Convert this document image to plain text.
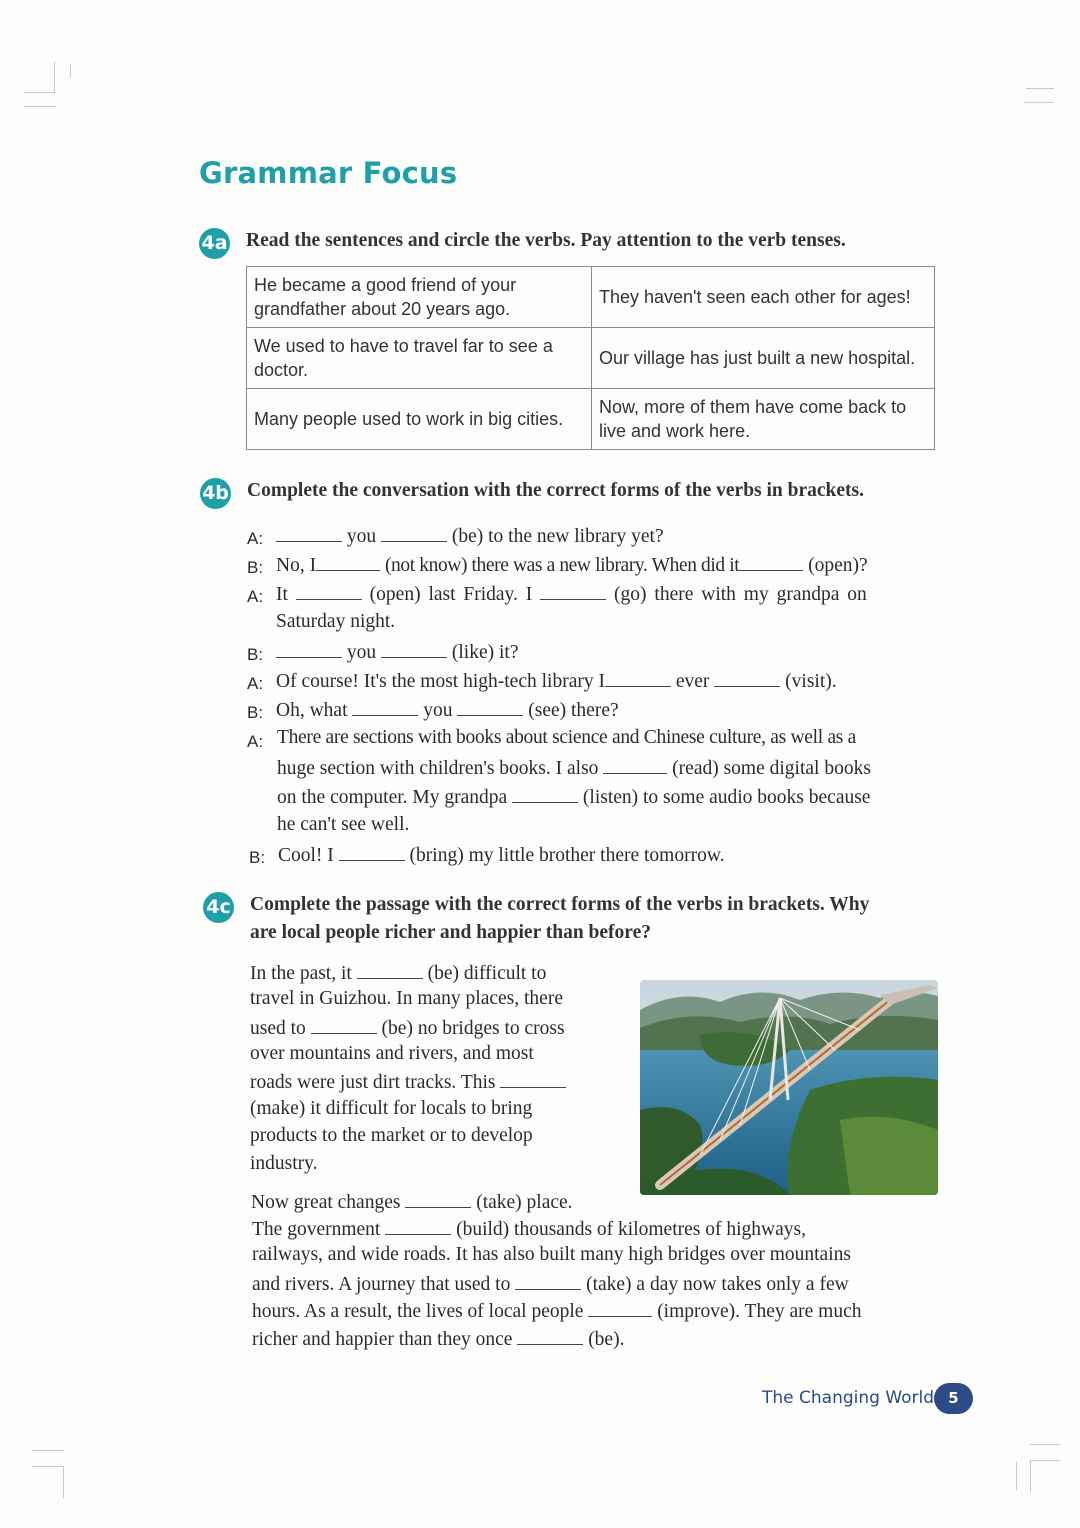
Grammar Focus
4a Read the sentences and circle the verbs. Pay attention to the verb tenses.

He became a good friend of your grandfather about 20 years ago.	They haven't seen each other for ages!
We used to have to travel far to see a doctor.	Our village has just built a new hospital.
Many people used to work in big cities.	Now, more of them have come back to live and work here.
4b Complete the conversation with the correct forms of the verbs in brackets.

A:	you	(be) to the new library yet?
B: No, I	(not know) there was a new library. When did it	(open)?
A: It	(open) last Friday. I	(go) there with my grandpa on
Saturday night.
B:	you	(like) it?
A: Of course! It's the most high-tech library I	ever	(visit).
B: Oh, what	you	(see) there?
A: There are sections with books about science and Chinese culture, as well as a
huge section with children's books. I also	(read) some digital books
on the computer. My grandpa	(listen) to some audio books because
he can't see well.
B: Cool! I	(bring) my little brother there tomorrow.
4c Complete the passage with the correct forms of the verbs in brackets. Why

are local people richer and happier than before?

In the past, it	(be) difficult to
travel in Guizhou. In many places, there
used to	(be) no bridges to cross
over mountains and rivers, and most
roads were just dirt tracks. This
(make) it difficult for locals to bring
products to the market or to develop
industry.
Now great changes	(take) place.
The government	(build) thousands of kilometres of highways,
railways, and wide roads. It has also built many high bridges over mountains
and rivers. A journey that used to	(take) a day now takes only a few
hours. As a result, the lives of local people	(improve). They are much
richer and happier than they once	(be).
The Changing World 5
